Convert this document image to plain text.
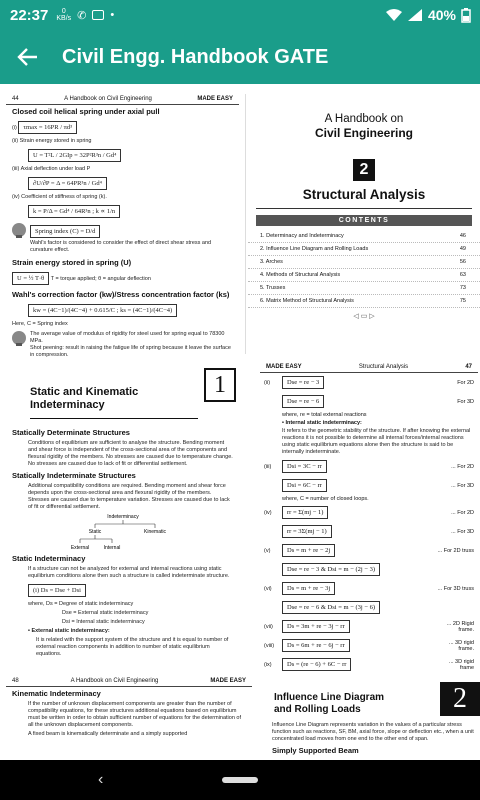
22:37	0
KB/s ✆ •	40%
Civil Engg. Handbook GATE
44	A Handbook on Civil Engineering	MADE EASY
Closed coil helical spring under axial pull
(i) τmax = 16PR / πd³
(ii) Strain energy stored in spring
U = T²L / 2GIp = 32P²R³n / Gd⁴
(iii) Axial deflection under load P
∂U/∂P = Δ = 64PR³n / Gd⁴
(iv) Coefficient of stiffness of spring (k).
k = P/Δ = Gd⁴ / 64R³n ; k ∝ 1/n
Spring index (C) = D/d
Wahl's factor is considered to consider the effect of direct shear stress and curvature effect.
Strain energy stored in spring (U)
U = ½ T·θ T = torque applied; θ = angular deflection
Wahl's correction factor (kw)/Stress concentration factor (ks)
kw = (4C−1)/(4C−4) + 0.615/C ; ks = (4C−1)/(4C−4)
Here, C = Spring index
The average value of modulus of rigidity for steel used for spring equal to 78300 MPa.
Shot peening: result in raising the fatigue life of spring because it leave the surface in compression.
A Handbook on
Civil Engineering
2
Structural Analysis
CONTENTS
1. Determinacy and Indeterminacy	46
2. Influence Line Diagram and Rolling Loads	49
3. Arches	56
4. Methods of Structural Analysis	63
5. Trusses	73
6. Matrix Method of Structural Analysis	75
◁ ▭ ▷
Static and Kinematic
Indeterminacy
1
Statically Determinate Structures
Conditions of equilibrium are sufficient to analyse the structure. Bending moment and shear force is independent of the cross-sectional area of the components and flexural rigidity of the members. No stresses are caused due to temperature change. No stresses are caused due to lack of fit or differential settlement.
Statically Indeterminate Structures
Additional compatibility conditions are required. Bending moment and shear force depends upon the cross-sectional area and flexural rigidity of the members. Stresses are caused due to temperature variation. Stresses are caused due to lack of fit or differential settlement.
Indeterminacy
Static	Kinematic
External	Internal
Static Indeterminacy
If a structure can not be analyzed for external and internal reactions using static equilibrium conditions alone then such a structure is called indeterminate structure.
(i) Ds = Dse + Dsi
where, Ds = Degree of static indeterminacy
Dse = External static indeterminacy
Dsi = Internal static indeterminacy
• External static indeterminacy:
It is related with the support system of the structure and it is equal to number of external reaction components in addition to number of static equilibrium equations.
MADE EASY	Structural Analysis	47
(ii)	Dse = re − 3	For 2D
Dse = re − 6	For 3D
where, re = total external reactions
• Internal static indeterminacy:
It refers to the geometric stability of the structure. If after knowing the external reactions it is not possible to determine all internal forces/internal reactions using static equilibrium equations alone then the structure is said to be internally indeterminate.
(iii)	Dsi = 3C − rr	... For 2D
Dsi = 6C − rr	... For 3D
where, C = number of closed loops.
(iv)	rr = Σ(mj − 1)	... For 2D
rr = 3Σ(mj − 1)	... For 3D
(v)	Ds = m + re − 2j	... For 2D truss
Dse = re − 3 & Dsi = m − (2j − 3)
(vi)	Ds = m + re − 3j	... For 3D truss
Dse = re − 6 & Dsi = m − (3j − 6)
(vii)	Ds = 3m + re − 3j − rr	... 2D Rigid frame.
(viii)	Ds = 6m + re − 6j − rr	... 3D rigid frame.
(ix)	Ds = (re − 6) + 6C − rr	... 3D rigid frame
48	A Handbook on Civil Engineering	MADE EASY
Kinematic Indeterminacy
If the number of unknown displacement components are greater than the number of compatibility equations, for these structures additional equations based on equilibrium must be written in order to obtain sufficient number of equations for the determination of all the unknown displacement components.
A fixed beam is kinematically determinate and a simply supported
Influence Line Diagram
and Rolling Loads	2
Influence Line Diagram represents variation in the values of a particular stress function such as reactions, SF, BM, axial force, slope or deflection etc., when a unit concentrated load moves from one end to the other end of span.
Simply Supported Beam
‹
